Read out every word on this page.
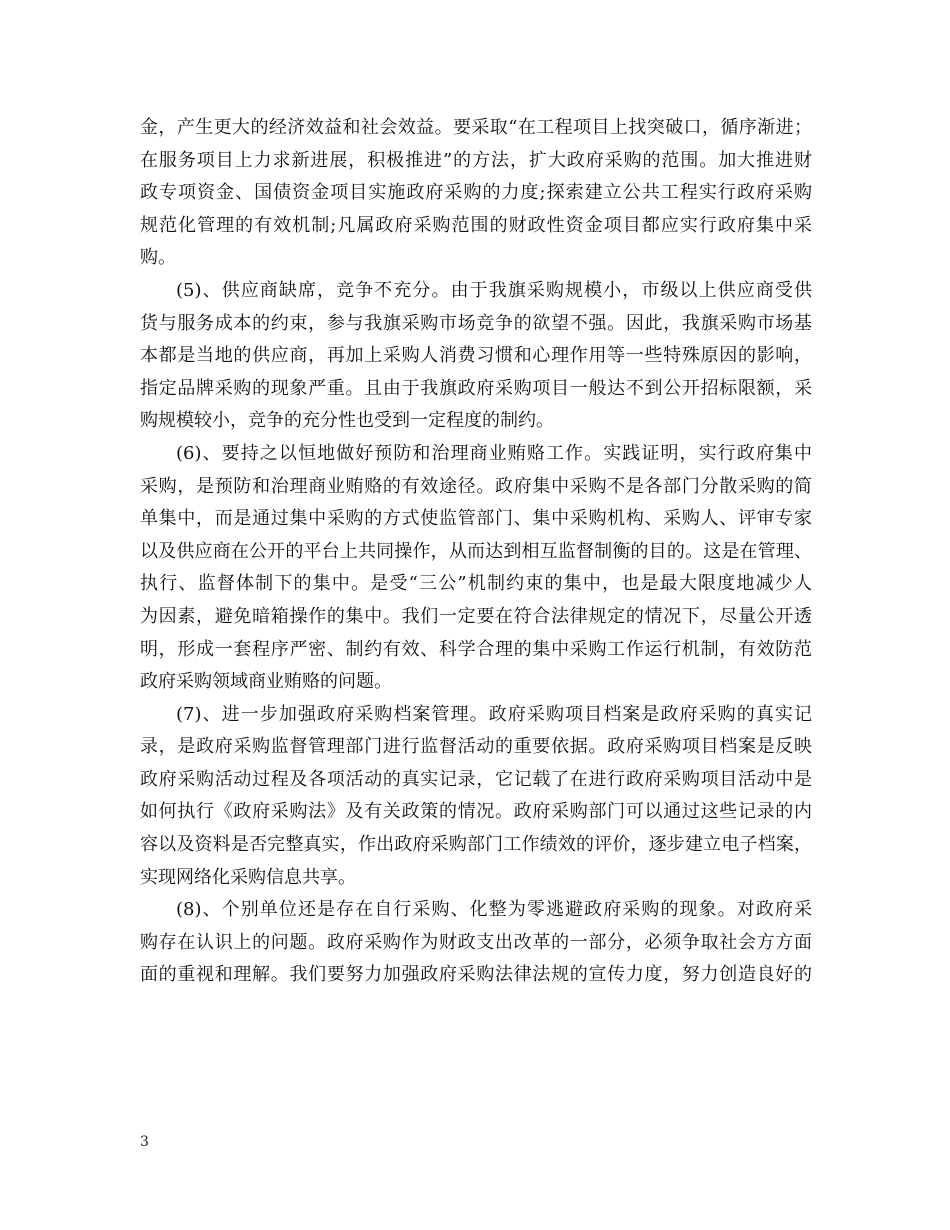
金，产生更大的经济效益和社会效益。要采取“在工程项目上找突破口，循序渐进；
在服务项目上力求新进展，积极推进”的方法，扩大政府采购的范围。加大推进财
政专项资金、国债资金项目实施政府采购的力度;探索建立公共工程实行政府采购
规范化管理的有效机制;凡属政府采购范围的财政性资金项目都应实行政府集中采
购。
(5)、供应商缺席，竞争不充分。由于我旗采购规模小，市级以上供应商受供
货与服务成本的约束，参与我旗采购市场竞争的欲望不强。因此，我旗采购市场基
本都是当地的供应商，再加上采购人消费习惯和心理作用等一些特殊原因的影响，
指定品牌采购的现象严重。且由于我旗政府采购项目一般达不到公开招标限额，采
购规模较小，竞争的充分性也受到一定程度的制约。
(6)、要持之以恒地做好预防和治理商业贿赂工作。实践证明，实行政府集中
采购，是预防和治理商业贿赂的有效途径。政府集中采购不是各部门分散采购的简
单集中，而是通过集中采购的方式使监管部门、集中采购机构、采购人、评审专家
以及供应商在公开的平台上共同操作，从而达到相互监督制衡的目的。这是在管理、
执行、监督体制下的集中。是受“三公”机制约束的集中，也是最大限度地减少人
为因素，避免暗箱操作的集中。我们一定要在符合法律规定的情况下，尽量公开透
明，形成一套程序严密、制约有效、科学合理的集中采购工作运行机制，有效防范
政府采购领域商业贿赂的问题。
(7)、进一步加强政府采购档案管理。政府采购项目档案是政府采购的真实记
录，是政府采购监督管理部门进行监督活动的重要依据。政府采购项目档案是反映
政府采购活动过程及各项活动的真实记录，它记载了在进行政府采购项目活动中是
如何执行《政府采购法》及有关政策的情况。政府采购部门可以通过这些记录的内
容以及资料是否完整真实，作出政府采购部门工作绩效的评价，逐步建立电子档案，
实现网络化采购信息共享。
(8)、个别单位还是存在自行采购、化整为零逃避政府采购的现象。对政府采
购存在认识上的问题。政府采购作为财政支出改革的一部分，必须争取社会方方面
面的重视和理解。我们要努力加强政府采购法律法规的宣传力度，努力创造良好的
3
